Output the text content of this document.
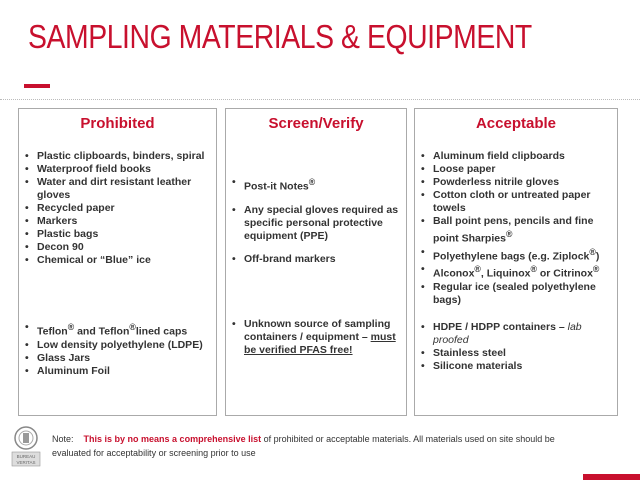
SAMPLING MATERIALS & EQUIPMENT
Prohibited
• Plastic clipboards, binders, spiral
• Waterproof field books
• Water and dirt resistant leather gloves
• Recycled paper
• Markers
• Plastic bags
• Decon 90
• Chemical or “Blue” ice
• Teflon® and Teflon®lined caps
• Low density polyethylene (LDPE)
• Glass Jars
• Aluminum Foil
Screen/Verify
• Post-it Notes®
• Any special gloves required as specific personal protective equipment (PPE)
• Off-brand markers
• Unknown source of sampling containers / equipment – must be verified PFAS free!
Acceptable
• Aluminum field clipboards
• Loose paper
• Powderless nitrile gloves
• Cotton cloth or untreated paper towels
• Ball point pens, pencils and fine point Sharpies®
• Polyethylene bags (e.g. Ziplock®)
• Alconox®, Liquinox® or Citrinox®
• Regular ice (sealed polyethylene bags)
• HDPE / HDPP containers – lab proofed
• Stainless steel
• Silicone materials
BUREAU
VERITAS
Note: This is by no means a comprehensive list of prohibited or acceptable materials. All materials used on site should be evaluated for acceptability or screening prior to use
